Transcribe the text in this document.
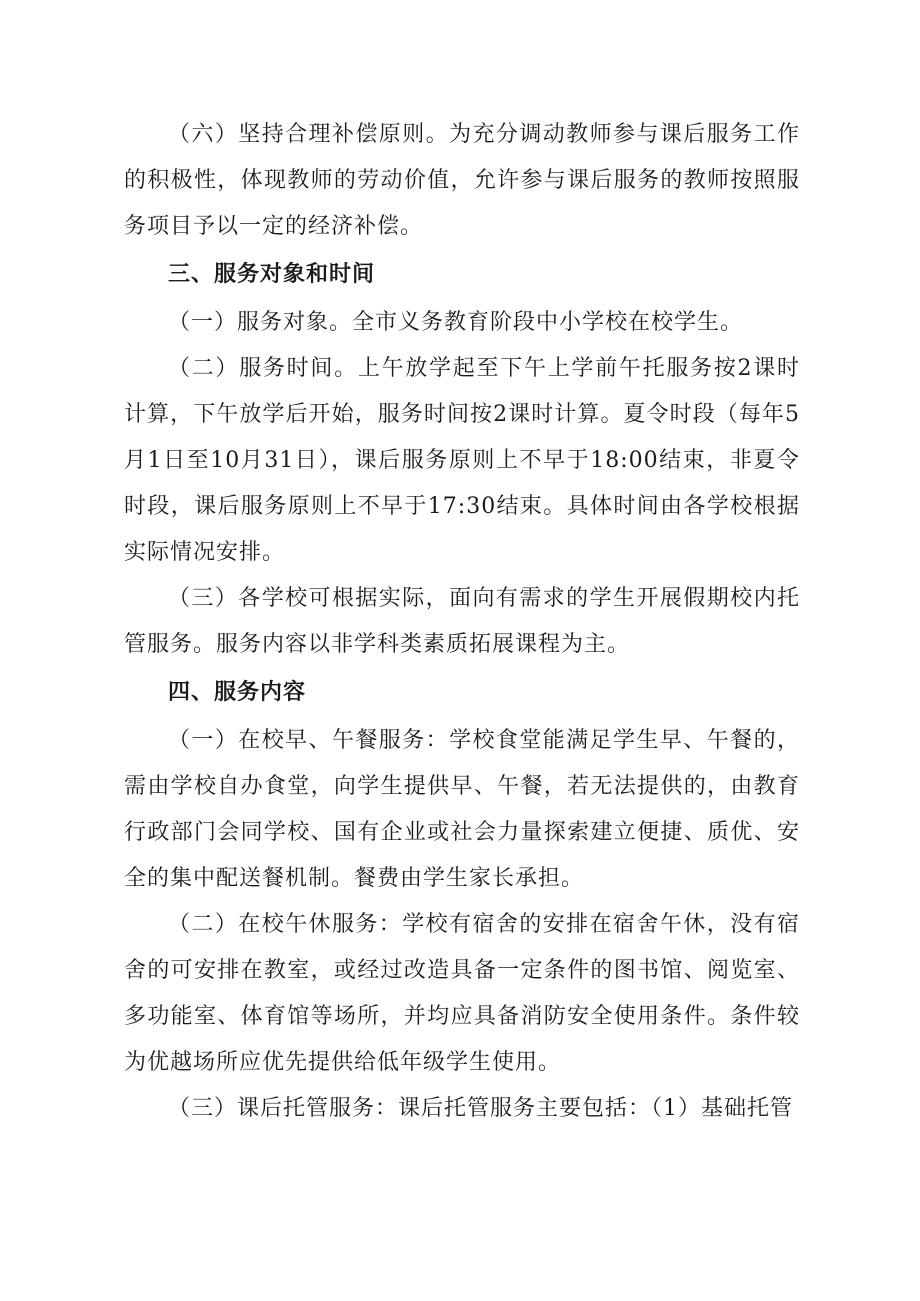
（六）坚持合理补偿原则。为充分调动教师参与课后服务工作的积极性，体现教师的劳动价值，允许参与课后服务的教师按照服务项目予以一定的经济补偿。

三、服务对象和时间

（一）服务对象。全市义务教育阶段中小学校在校学生。

（二）服务时间。上午放学起至下午上学前午托服务按2课时计算，下午放学后开始，服务时间按2课时计算。夏令时段（每年5月1日至10月31日），课后服务原则上不早于18:00结束，非夏令时段，课后服务原则上不早于17:30结束。具体时间由各学校根据实际情况安排。

（三）各学校可根据实际，面向有需求的学生开展假期校内托管服务。服务内容以非学科类素质拓展课程为主。

四、服务内容

（一）在校早、午餐服务：学校食堂能满足学生早、午餐的，需由学校自办食堂，向学生提供早、午餐，若无法提供的，由教育行政部门会同学校、国有企业或社会力量探索建立便捷、质优、安全的集中配送餐机制。餐费由学生家长承担。

（二）在校午休服务：学校有宿舍的安排在宿舍午休，没有宿舍的可安排在教室，或经过改造具备一定条件的图书馆、阅览室、多功能室、体育馆等场所，并均应具备消防安全使用条件。条件较为优越场所应优先提供给低年级学生使用。

（三）课后托管服务：课后托管服务主要包括：（1）基础托管
